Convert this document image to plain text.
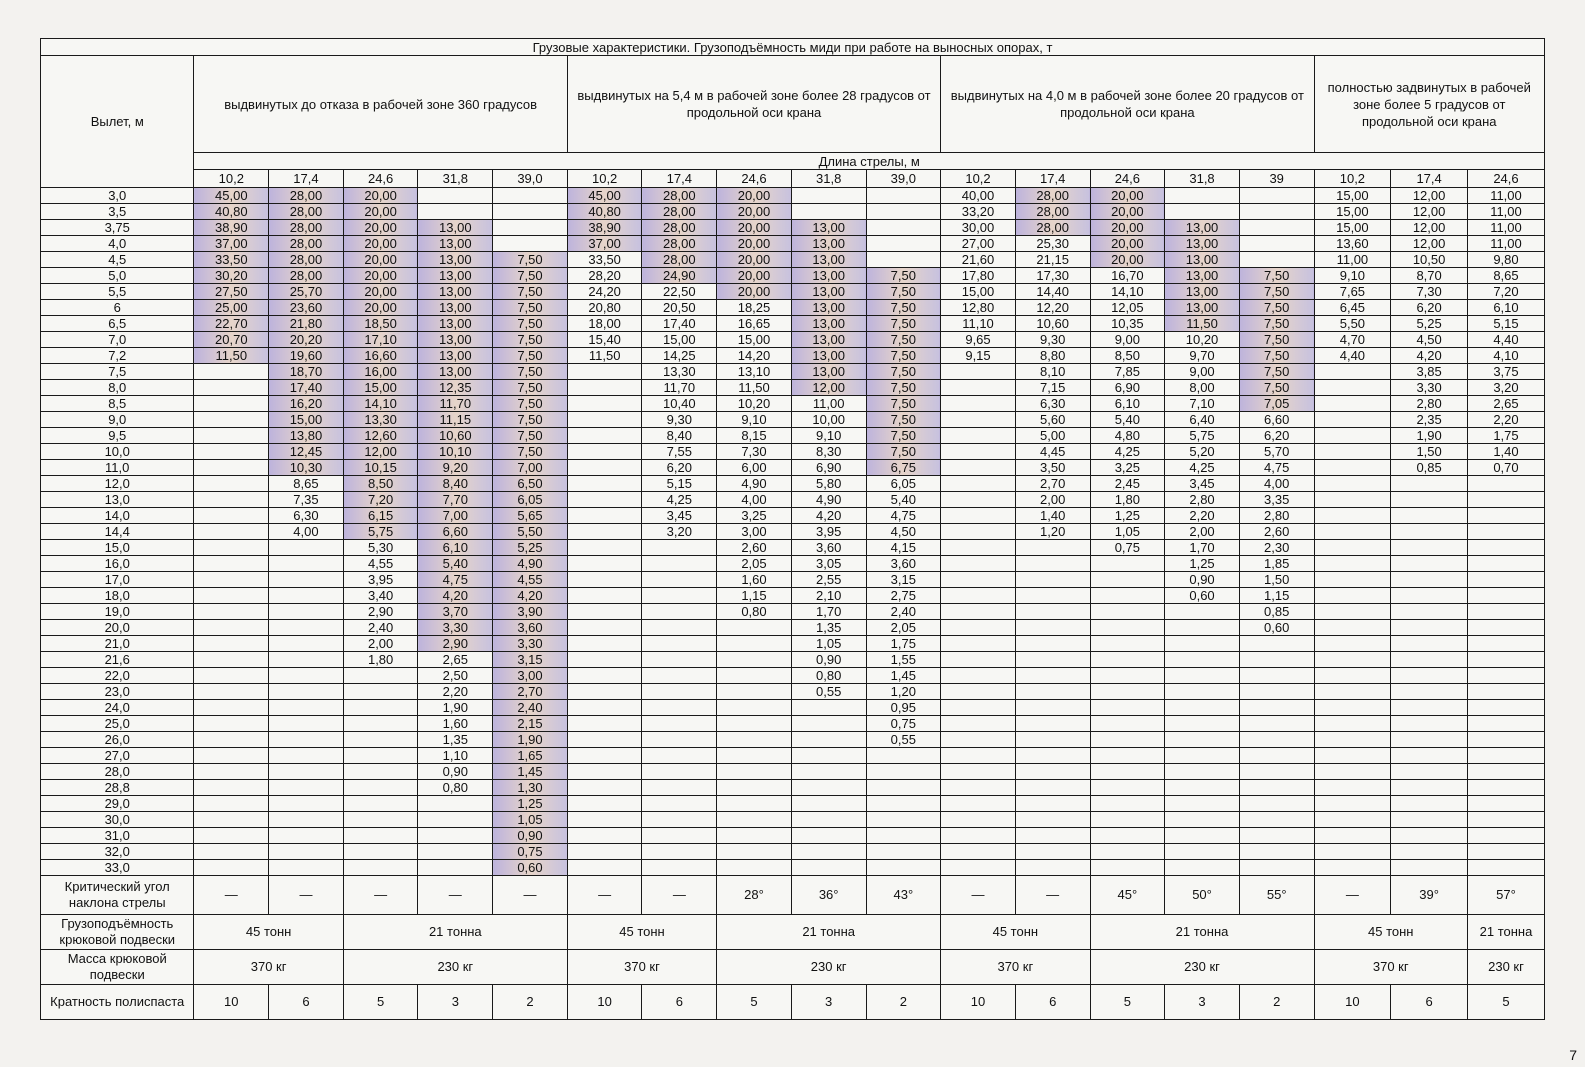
Грузовые характеристики. Грузоподъёмность миди при работе на выносных опорах, т																		
Вылет, м	выдвинутых до отказа в рабочей зоне 360 градусов					выдвинутых на 5,4 м в рабочей зоне более 28 градусов от продольной оси крана					выдвинутых на 4,0 м в рабочей зоне более 20 градусов от продольной оси крана					полностью задвинутых в рабочей зоне более 5 градусов от продольной оси крана		
	Длина стрелы, м																	
	10,2	17,4	24,6	31,8	39,0	10,2	17,4	24,6	31,8	39,0	10,2	17,4	24,6	31,8	39	10,2	17,4	24,6
3,0	45,00	28,00	20,00			45,00	28,00	20,00			40,00	28,00	20,00			15,00	12,00	11,00
3,5	40,80	28,00	20,00			40,80	28,00	20,00			33,20	28,00	20,00			15,00	12,00	11,00
3,75	38,90	28,00	20,00	13,00		38,90	28,00	20,00	13,00		30,00	28,00	20,00	13,00		15,00	12,00	11,00
4,0	37,00	28,00	20,00	13,00		37,00	28,00	20,00	13,00		27,00	25,30	20,00	13,00		13,60	12,00	11,00
4,5	33,50	28,00	20,00	13,00	7,50	33,50	28,00	20,00	13,00		21,60	21,15	20,00	13,00		11,00	10,50	9,80
5,0	30,20	28,00	20,00	13,00	7,50	28,20	24,90	20,00	13,00	7,50	17,80	17,30	16,70	13,00	7,50	9,10	8,70	8,65
5,5	27,50	25,70	20,00	13,00	7,50	24,20	22,50	20,00	13,00	7,50	15,00	14,40	14,10	13,00	7,50	7,65	7,30	7,20
6	25,00	23,60	20,00	13,00	7,50	20,80	20,50	18,25	13,00	7,50	12,80	12,20	12,05	13,00	7,50	6,45	6,20	6,10
6,5	22,70	21,80	18,50	13,00	7,50	18,00	17,40	16,65	13,00	7,50	11,10	10,60	10,35	11,50	7,50	5,50	5,25	5,15
7,0	20,70	20,20	17,10	13,00	7,50	15,40	15,00	15,00	13,00	7,50	9,65	9,30	9,00	10,20	7,50	4,70	4,50	4,40
7,2	11,50	19,60	16,60	13,00	7,50	11,50	14,25	14,20	13,00	7,50	9,15	8,80	8,50	9,70	7,50	4,40	4,20	4,10
7,5		18,70	16,00	13,00	7,50		13,30	13,10	13,00	7,50		8,10	7,85	9,00	7,50		3,85	3,75
8,0		17,40	15,00	12,35	7,50		11,70	11,50	12,00	7,50		7,15	6,90	8,00	7,50		3,30	3,20
8,5		16,20	14,10	11,70	7,50		10,40	10,20	11,00	7,50		6,30	6,10	7,10	7,05		2,80	2,65
9,0		15,00	13,30	11,15	7,50		9,30	9,10	10,00	7,50		5,60	5,40	6,40	6,60		2,35	2,20
9,5		13,80	12,60	10,60	7,50		8,40	8,15	9,10	7,50		5,00	4,80	5,75	6,20		1,90	1,75
10,0		12,45	12,00	10,10	7,50		7,55	7,30	8,30	7,50		4,45	4,25	5,20	5,70		1,50	1,40
11,0		10,30	10,15	9,20	7,00		6,20	6,00	6,90	6,75		3,50	3,25	4,25	4,75		0,85	0,70
12,0		8,65	8,50	8,40	6,50		5,15	4,90	5,80	6,05		2,70	2,45	3,45	4,00			
13,0		7,35	7,20	7,70	6,05		4,25	4,00	4,90	5,40		2,00	1,80	2,80	3,35			
14,0		6,30	6,15	7,00	5,65		3,45	3,25	4,20	4,75		1,40	1,25	2,20	2,80			
14,4		4,00	5,75	6,60	5,50		3,20	3,00	3,95	4,50		1,20	1,05	2,00	2,60			
15,0			5,30	6,10	5,25			2,60	3,60	4,15			0,75	1,70	2,30			
16,0			4,55	5,40	4,90			2,05	3,05	3,60				1,25	1,85			
17,0			3,95	4,75	4,55			1,60	2,55	3,15				0,90	1,50			
18,0			3,40	4,20	4,20			1,15	2,10	2,75				0,60	1,15			
19,0			2,90	3,70	3,90			0,80	1,70	2,40					0,85			
20,0			2,40	3,30	3,60				1,35	2,05					0,60			
21,0			2,00	2,90	3,30				1,05	1,75								
21,6			1,80	2,65	3,15				0,90	1,55								
22,0				2,50	3,00				0,80	1,45								
23,0				2,20	2,70				0,55	1,20								
24,0				1,90	2,40					0,95								
25,0				1,60	2,15					0,75								
26,0				1,35	1,90					0,55								
27,0				1,10	1,65													
28,0				0,90	1,45													
28,8				0,80	1,30													
29,0					1,25													
30,0					1,05													
31,0					0,90													
32,0					0,75													
33,0					0,60													
Критический угол наклона стрелы	—	—	—	—	—	—	—	28°	36°	43°	—	—	45°	50°	55°	—	39°	57°
Грузоподъёмность крюковой подвески	45 тонн		21 тонна			45 тонн		21 тонна			45 тонн		21 тонна			45 тонн		21 тонна
Масса крюковой подвески	370 кг		230 кг			370 кг		230 кг			370 кг		230 кг			370 кг		230 кг
Кратность полиспаста	10	6	5	3	2	10	6	5	3	2	10	6	5	3	2	10	6	5
7
